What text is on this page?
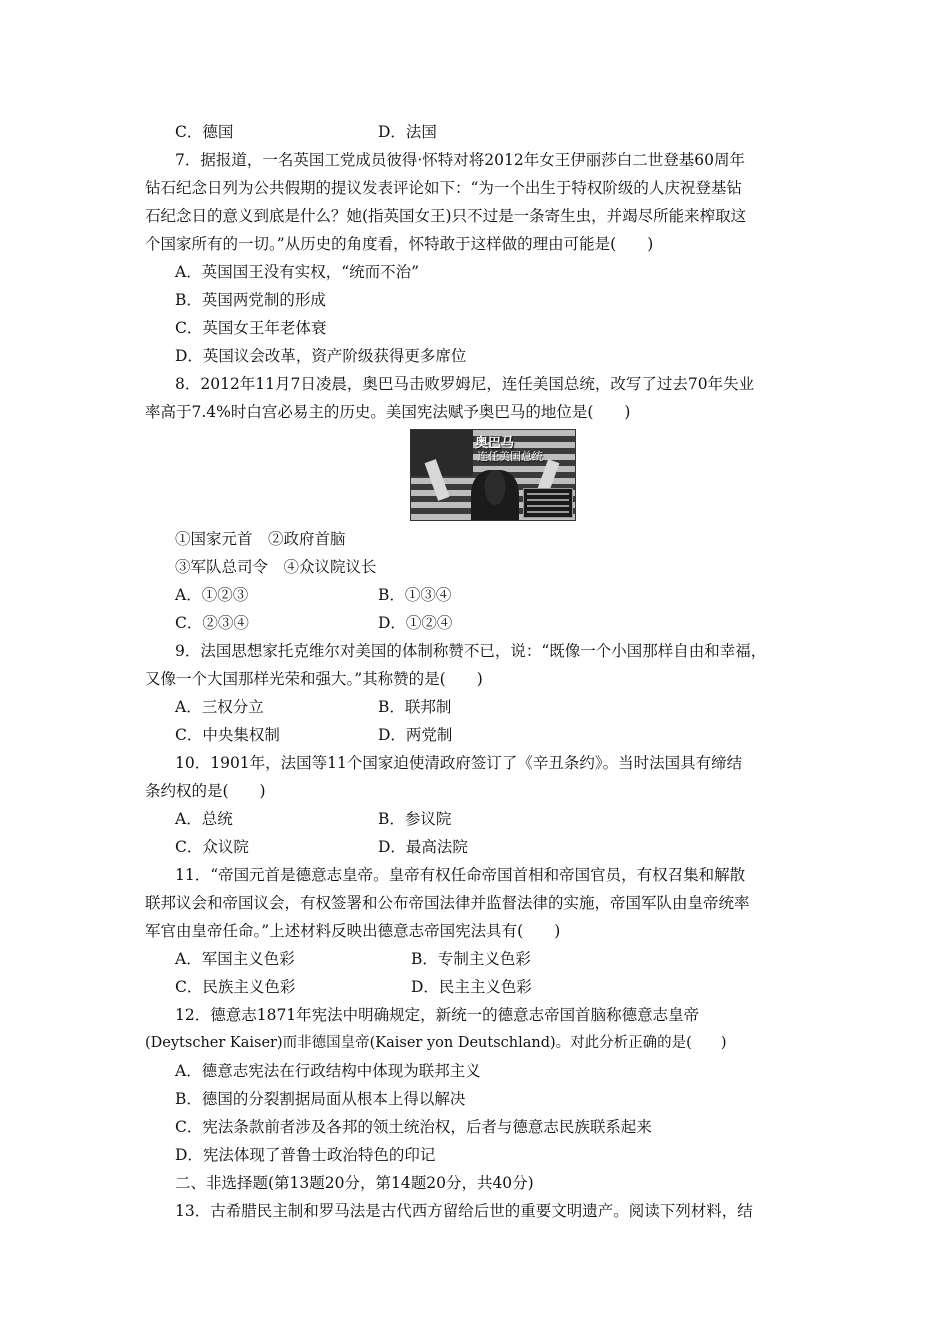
C．德国	D．法国
7．据报道，一名英国工党成员彼得·怀特对将2012年女王伊丽莎白二世登基60周年
钻石纪念日列为公共假期的提议发表评论如下：“为一个出生于特权阶级的人庆祝登基钻
石纪念日的意义到底是什么？她(指英国女王)只不过是一条寄生虫，并竭尽所能来榨取这
个国家所有的一切。”从历史的角度看，怀特敢于这样做的理由可能是(　　)
A．英国国王没有实权，“统而不治”
B．英国两党制的形成
C．英国女王年老体衰
D．英国议会改革，资产阶级获得更多席位
8．2012年11月7日凌晨，奥巴马击败罗姆尼，连任美国总统，改写了过去70年失业
率高于7.4%时白宫必易主的历史。美国宪法赋予奥巴马的地位是(　　)
奥巴马
连任美国总统
①国家元首　②政府首脑
③军队总司令　④众议院议长
A．①②③	B．①③④
C．②③④	D．①②④
9．法国思想家托克维尔对美国的体制称赞不已，说：“既像一个小国那样自由和幸福，
又像一个大国那样光荣和强大。”其称赞的是(　　)
A．三权分立	B．联邦制
C．中央集权制	D．两党制
10．1901年，法国等11个国家迫使清政府签订了《辛丑条约》。当时法国具有缔结
条约权的是(　　)
A．总统	B．参议院
C．众议院	D．最高法院
11．“帝国元首是德意志皇帝。皇帝有权任命帝国首相和帝国官员，有权召集和解散
联邦议会和帝国议会，有权签署和公布帝国法律并监督法律的实施，帝国军队由皇帝统率
军官由皇帝任命。”上述材料反映出德意志帝国宪法具有(　　)
A．军国主义色彩	B．专制主义色彩
C．民族主义色彩	D．民主主义色彩
12．德意志1871年宪法中明确规定，新统一的德意志帝国首脑称德意志皇帝
(Deytscher Kaiser)而非德国皇帝(Kaiser yon Deutschland)。对此分析正确的是(　　)
A．德意志宪法在行政结构中体现为联邦主义
B．德国的分裂割据局面从根本上得以解决
C．宪法条款前者涉及各邦的领土统治权，后者与德意志民族联系起来
D．宪法体现了普鲁士政治特色的印记
二、非选择题(第13题20分，第14题20分，共40分)
13．古希腊民主制和罗马法是古代西方留给后世的重要文明遗产。阅读下列材料，结
